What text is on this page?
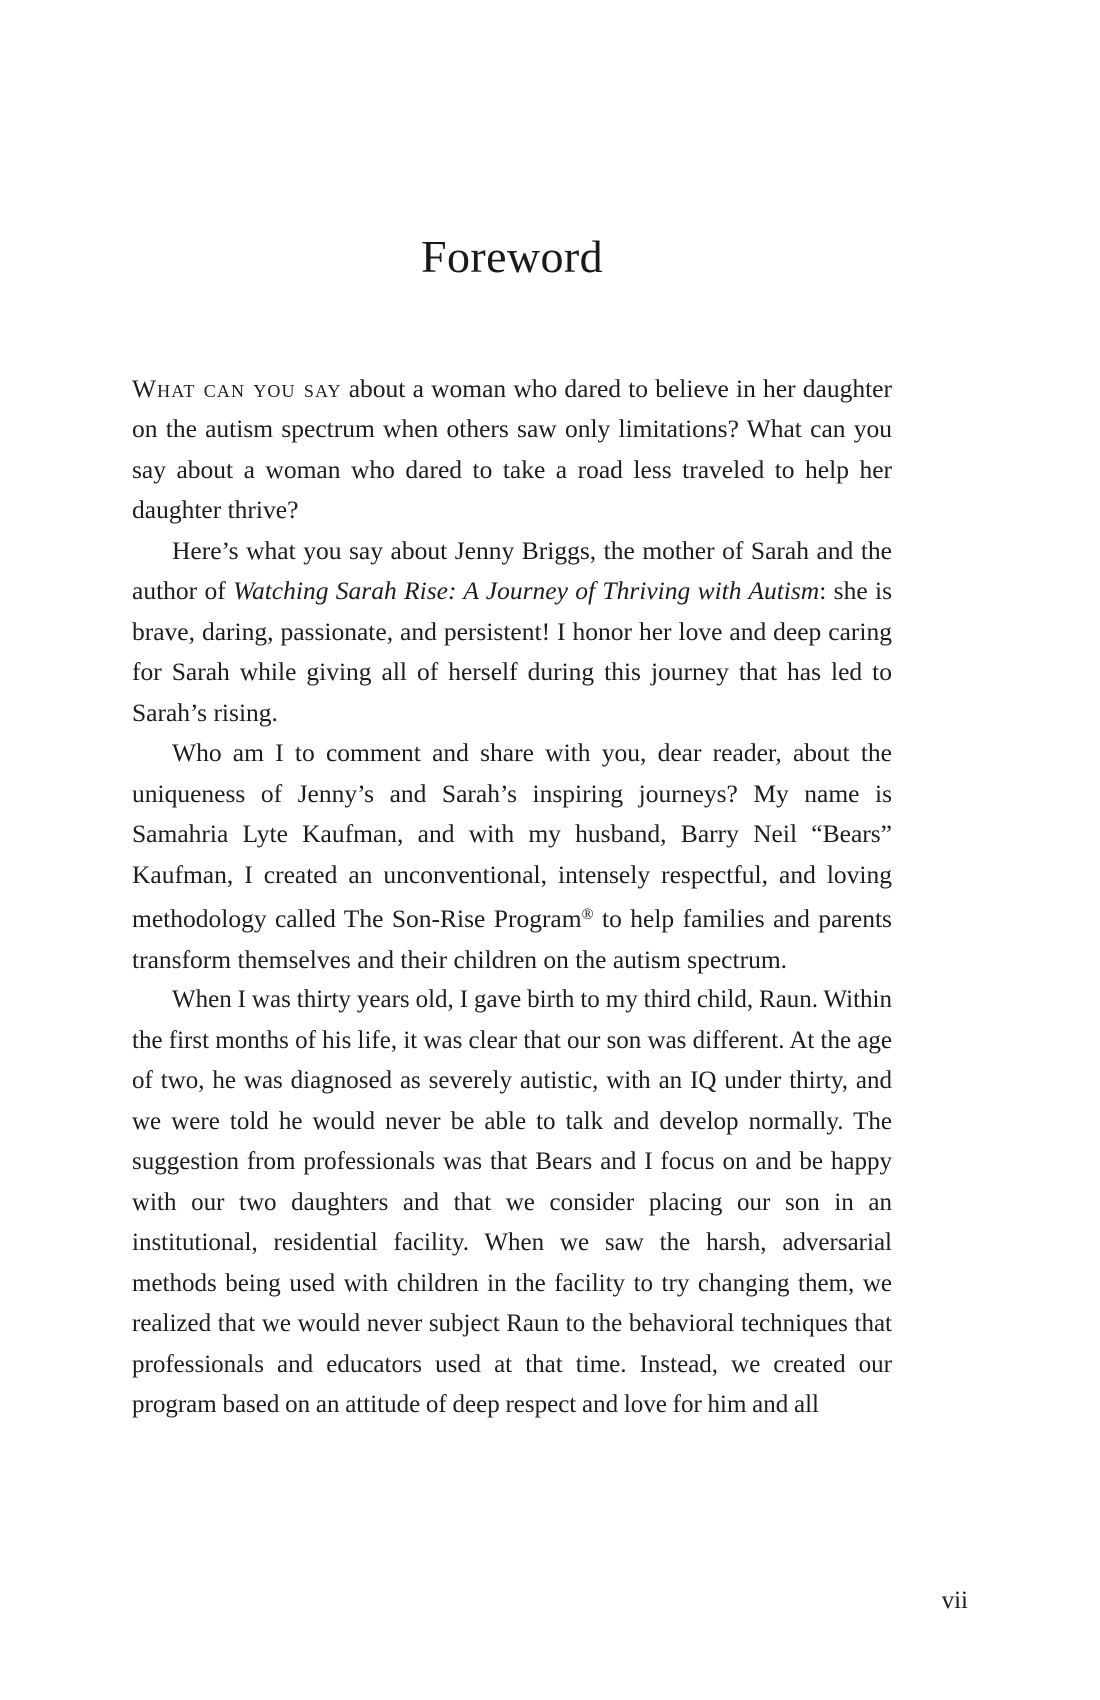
Foreword

What can you say about a woman who dared to believe in her daughter on the autism spectrum when others saw only limitations? What can you say about a woman who dared to take a road less traveled to help her daughter thrive?

Here’s what you say about Jenny Briggs, the mother of Sarah and the author of Watching Sarah Rise: A Journey of Thriving with Autism: she is brave, daring, passionate, and persistent! I honor her love and deep caring for Sarah while giving all of herself during this journey that has led to Sarah’s rising.

Who am I to comment and share with you, dear reader, about the uniqueness of Jenny’s and Sarah’s inspiring journeys? My name is Samahria Lyte Kaufman, and with my husband, Barry Neil “Bears” Kaufman, I created an unconventional, intensely respectful, and loving methodology called The Son-Rise Program® to help families and parents transform themselves and their children on the autism spectrum.

When I was thirty years old, I gave birth to my third child, Raun. Within the first months of his life, it was clear that our son was different. At the age of two, he was diagnosed as severely autistic, with an IQ under thirty, and we were told he would never be able to talk and develop normally. The suggestion from professionals was that Bears and I focus on and be happy with our two daughters and that we consider placing our son in an institutional, residential facility. When we saw the harsh, adversarial methods being used with children in the facility to try changing them, we realized that we would never subject Raun to the behavioral techniques that professionals and educators used at that time. Instead, we created our program based on an attitude of deep respect and love for him and all

vii
